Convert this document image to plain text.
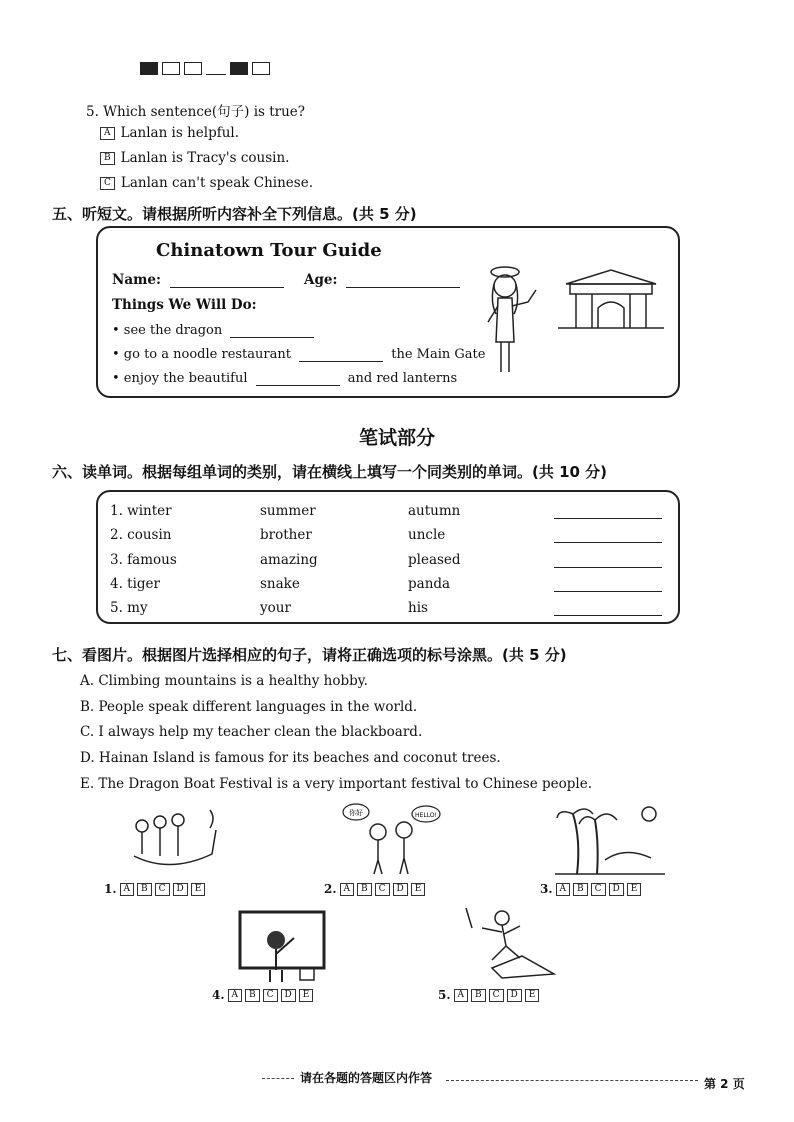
5. Which sentence(句子) is true?
A Lanlan is helpful.
B Lanlan is Tracy's cousin.
C Lanlan can't speak Chinese.
五、听短文。请根据所听内容补全下列信息。(共 5 分)
Chinatown Tour Guide
Name:	Age:
Things We Will Do:
• see the dragon
• go to a noodle restaurant	the Main Gate
• enjoy the beautiful	and red lanterns
笔试部分
六、读单词。根据每组单词的类别，请在横线上填写一个同类别的单词。(共 10 分)
1. winter	summer	autumn
2. cousin	brother	uncle
3. famous	amazing	pleased
4. tiger	snake	panda
5. my	your	his
七、看图片。根据图片选择相应的句子，请将正确选项的标号涂黑。(共 5 分)
A. Climbing mountains is a healthy hobby.
B. People speak different languages in the world.
C. I always help my teacher clean the blackboard.
D. Hainan Island is famous for its beaches and coconut trees.
E. The Dragon Boat Festival is a very important festival to Chinese people.
你好	HELLO!
1. A	B	C	D	E	2. A	B	C	D	E	3. A	B	C	D	E
4. A	B	C	D	E	5. A	B	C	D	E
请在各题的答题区内作答	第 2 页
